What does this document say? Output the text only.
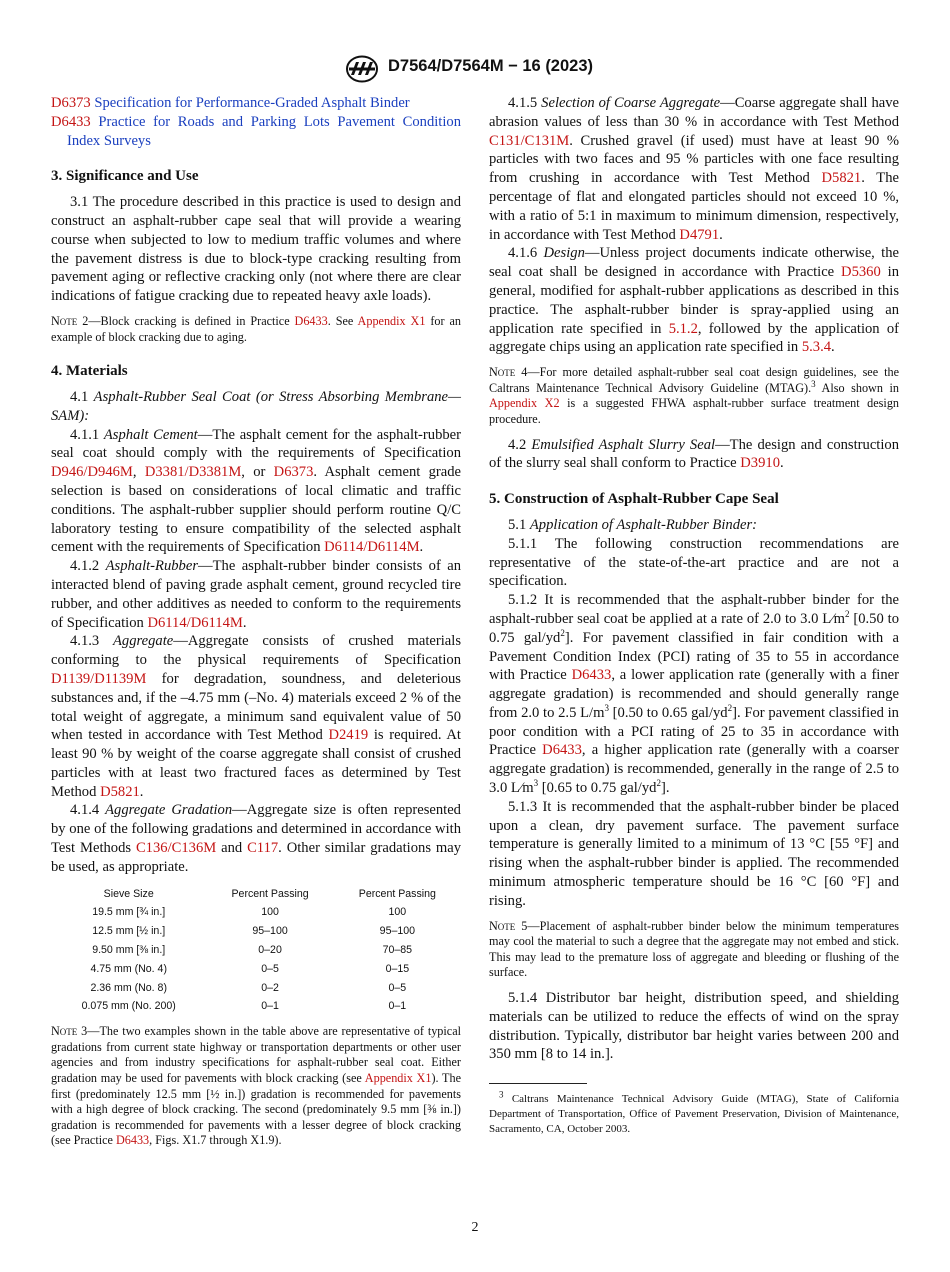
D7564/D7564M − 16 (2023)
D6373 Specification for Performance-Graded Asphalt Binder
D6433 Practice for Roads and Parking Lots Pavement Condition Index Surveys
3. Significance and Use

3.1 The procedure described in this practice is used to design and construct an asphalt-rubber cape seal that will provide a wearing course when subjected to low to medium traffic volumes and where the pavement distress is due to block-type cracking resulting from pavement aging or reflective cracking only (not where there are clear indications of fatigue cracking due to repeated heavy axle loads).

Note 2—Block cracking is defined in Practice D6433. See Appendix X1 for an example of block cracking due to aging.

4. Materials

4.1 Asphalt-Rubber Seal Coat (or Stress Absorbing Membrane—SAM):

4.1.1 Asphalt Cement—The asphalt cement for the asphalt-rubber seal coat should comply with the requirements of Specification D946/D946M, D3381/D3381M, or D6373. Asphalt cement grade selection is based on considerations of local climatic and traffic conditions. The asphalt-rubber supplier should perform routine Q/C laboratory testing to ensure compatibility of the selected asphalt cement with the requirements of Specification D6114/D6114M.

4.1.2 Asphalt-Rubber—The asphalt-rubber binder consists of an interacted blend of paving grade asphalt cement, ground recycled tire rubber, and other additives as needed to conform to the requirements of Specification D6114/D6114M.

4.1.3 Aggregate—Aggregate consists of crushed materials conforming to the physical requirements of Specification D1139/D1139M for degradation, soundness, and deleterious substances and, if the –4.75 mm (–No. 4) materials exceed 2 % of the total weight of aggregate, a minimum sand equivalent value of 50 when tested in accordance with Test Method D2419 is required. At least 90 % by weight of the coarse aggregate shall consist of crushed particles with at least two fractured faces as determined by Test Method D5821.

4.1.4 Aggregate Gradation—Aggregate size is often represented by one of the following gradations and determined in accordance with Test Methods C136/C136M and C117. Other similar gradations may be used, as appropriate.

Sieve Size	Percent Passing	Percent Passing
19.5 mm [¾ in.]	100	100
12.5 mm [½ in.]	95–100	95–100
9.50 mm [⅜ in.]	0–20	70–85
4.75 mm (No. 4)	0–5	0–15
2.36 mm (No. 8)	0–2	0–5
0.075 mm (No. 200)	0–1	0–1

Note 3—The two examples shown in the table above are representative of typical gradations from current state highway or transportation departments or other user agencies and from industry specifications for asphalt-rubber seal coat. Either gradation may be used for pavements with block cracking (see Appendix X1). The first (predominately 12.5 mm [½ in.]) gradation is recommended for pavements with a high degree of block cracking. The second (predominately 9.5 mm [⅜ in.]) gradation is recommended for pavements with a lesser degree of block cracking (see Practice D6433, Figs. X1.7 through X1.9).

4.1.5 Selection of Coarse Aggregate—Coarse aggregate shall have abrasion values of less than 30 % in accordance with Test Method C131/C131M. Crushed gravel (if used) must have at least 90 % particles with two faces and 95 % particles with one face resulting from crushing in accordance with Test Method D5821. The percentage of flat and elongated particles should not exceed 10 %, with a ratio of 5:1 in maximum to minimum dimension, respectively, in accordance with Test Method D4791.

4.1.6 Design—Unless project documents indicate otherwise, the seal coat shall be designed in accordance with Practice D5360 in general, modified for asphalt-rubber applications as described in this practice. The asphalt-rubber binder is spray-applied using an application rate specified in 5.1.2, followed by the application of aggregate chips using an application rate specified in 5.3.4.

Note 4—For more detailed asphalt-rubber seal coat design guidelines, see the Caltrans Maintenance Technical Advisory Guideline (MTAG).$^3$ Also shown in Appendix X2 is a suggested FHWA asphalt-rubber surface treatment design procedure.

4.2 Emulsified Asphalt Slurry Seal—The design and construction of the slurry seal shall conform to Practice D3910.

5. Construction of Asphalt-Rubber Cape Seal

5.1 Application of Asphalt-Rubber Binder:

5.1.1 The following construction recommendations are representative of the state-of-the-art practice and are not a specification.

5.1.2 It is recommended that the asphalt-rubber binder for the asphalt-rubber seal coat be applied at a rate of 2.0 to 3.0 $L⁄m^2$ [0.50 to 0.75 gal/$yd^2$]. For pavement classified in fair condition with a Pavement Condition Index (PCI) rating of 35 to 55 in accordance with Practice D6433, a lower application rate (generally with a finer aggregate gradation) is recommended and should generally range from 2.0 to 2.5 $L/m^3$ [0.50 to 0.65 gal/$yd^2$]. For pavement classified in poor condition with a PCI rating of 25 to 35 in accordance with Practice D6433, a higher application rate (generally with a coarser aggregate gradation) is recommended, generally in the range of 2.5 to 3.0 $L⁄m^3$ [0.65 to 0.75 gal/$yd^2$].

5.1.3 It is recommended that the asphalt-rubber binder be placed upon a clean, dry pavement surface. The pavement surface temperature is generally limited to a minimum of 13 °C [55 °F] and rising when the asphalt-rubber binder is applied. The recommended minimum atmospheric temperature should be 16 °C [60 °F] and rising.

Note 5—Placement of asphalt-rubber binder below the minimum temperatures may cool the material to such a degree that the aggregate may not embed and stick. This may lead to the premature loss of aggregate and bleeding or flushing of the surface.

5.1.4 Distributor bar height, distribution speed, and shielding materials can be utilized to reduce the effects of wind on the spray distribution. Typically, distributor bar height varies between 200 and 350 mm [8 to 14 in.].

$^3$ Caltrans Maintenance Technical Advisory Guide (MTAG), State of California Department of Transportation, Office of Pavement Preservation, Division of Maintenance, Sacramento, CA, October 2003.

2
